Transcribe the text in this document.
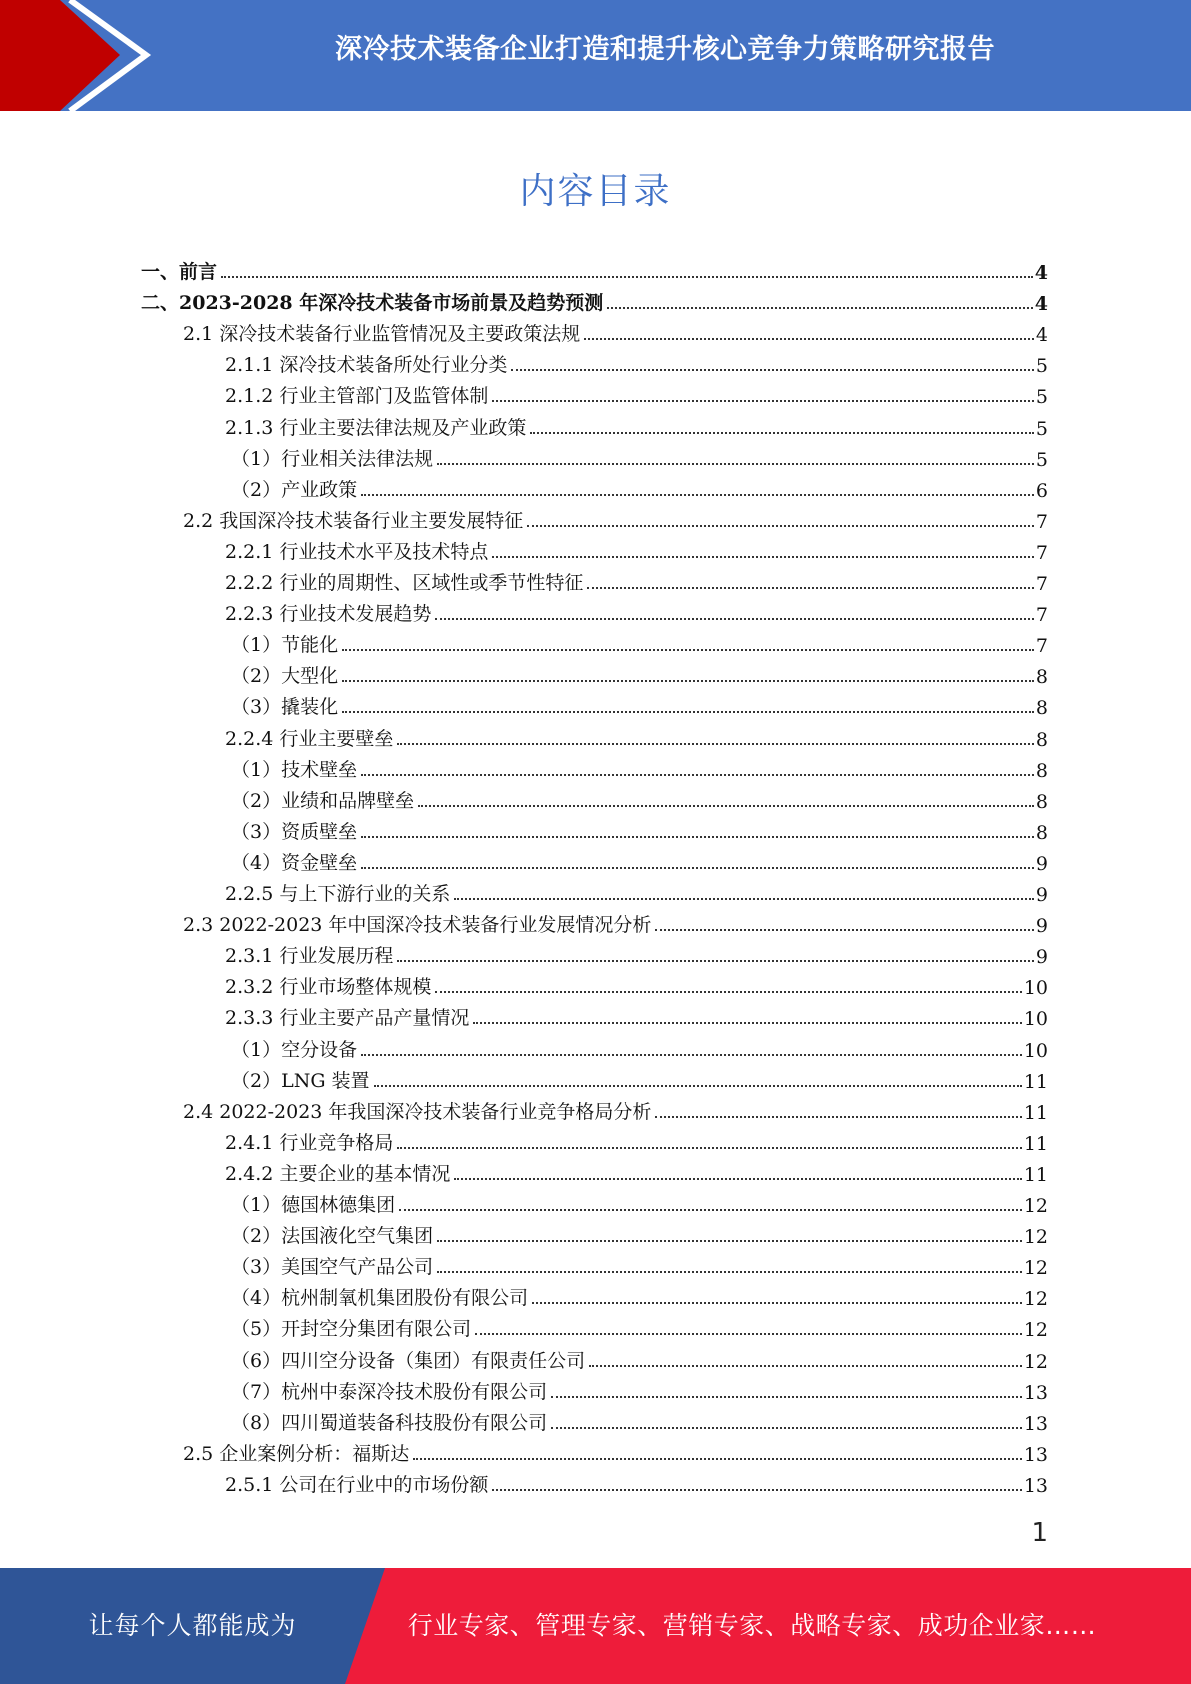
深冷技术装备企业打造和提升核心竞争力策略研究报告
内容目录
一、前言	4
二、2023-2028 年深冷技术装备市场前景及趋势预测	4
2.1 深冷技术装备行业监管情况及主要政策法规	4
2.1.1 深冷技术装备所处行业分类	5
2.1.2 行业主管部门及监管体制	5
2.1.3 行业主要法律法规及产业政策	5
（1）行业相关法律法规	5
（2）产业政策	6
2.2 我国深冷技术装备行业主要发展特征	7
2.2.1 行业技术水平及技术特点	7
2.2.2 行业的周期性、区域性或季节性特征	7
2.2.3 行业技术发展趋势	7
（1）节能化	7
（2）大型化	8
（3）撬装化	8
2.2.4 行业主要壁垒	8
（1）技术壁垒	8
（2）业绩和品牌壁垒	8
（3）资质壁垒	8
（4）资金壁垒	9
2.2.5 与上下游行业的关系	9
2.3 2022-2023 年中国深冷技术装备行业发展情况分析	9
2.3.1 行业发展历程	9
2.3.2 行业市场整体规模	10
2.3.3 行业主要产品产量情况	10
（1）空分设备	10
（2）LNG 装置	11
2.4 2022-2023 年我国深冷技术装备行业竞争格局分析	11
2.4.1 行业竞争格局	11
2.4.2 主要企业的基本情况	11
（1）德国林德集团	12
（2）法国液化空气集团	12
（3）美国空气产品公司	12
（4）杭州制氧机集团股份有限公司	12
（5）开封空分集团有限公司	12
（6）四川空分设备（集团）有限责任公司	12
（7）杭州中泰深冷技术股份有限公司	13
（8）四川蜀道装备科技股份有限公司	13
2.5 企业案例分析：福斯达	13
2.5.1 公司在行业中的市场份额	13
1
让每个人都能成为	行业专家、管理专家、营销专家、战略专家、成功企业家……
